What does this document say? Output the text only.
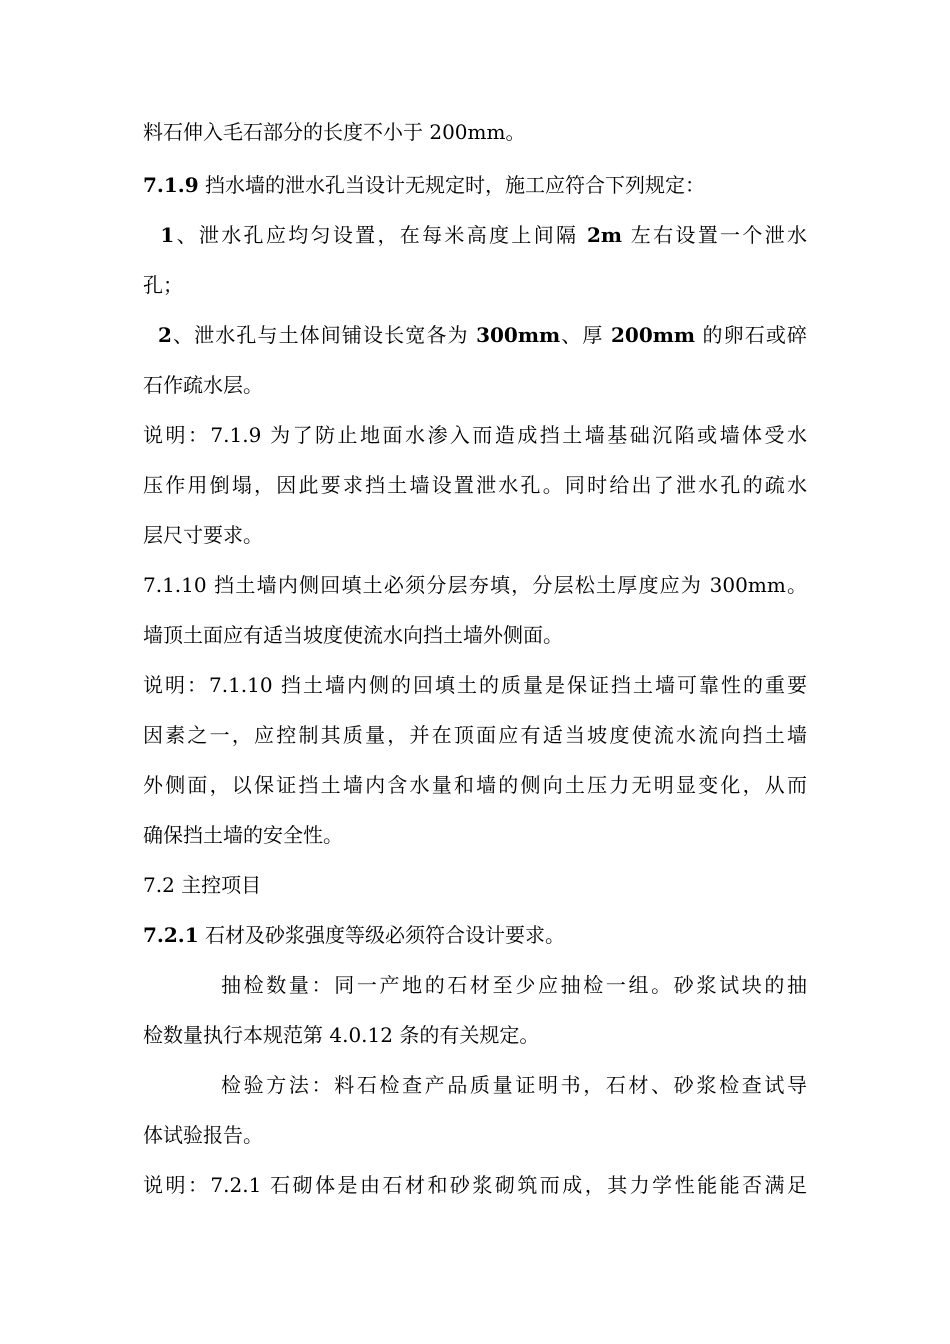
料石伸入毛石部分的长度不小于 200mm。
7.1.9 挡水墙的泄水孔当设计无规定时，施工应符合下列规定：
1、泄水孔应均匀设置，在每米高度上间隔 2m 左右设置一个泄水
孔；
2、泄水孔与土体间铺设长宽各为 300mm、厚 200mm 的卵石或碎
石作疏水层。
说明：7.1.9 为了防止地面水渗入而造成挡土墙基础沉陷或墙体受水
压作用倒塌，因此要求挡土墙设置泄水孔。同时给出了泄水孔的疏水
层尺寸要求。
7.1.10 挡土墙内侧回填土必须分层夯填，分层松土厚度应为 300mm。
墙顶土面应有适当坡度使流水向挡土墙外侧面。
说明：7.1.10 挡土墙内侧的回填土的质量是保证挡土墙可靠性的重要
因素之一，应控制其质量，并在顶面应有适当坡度使流水流向挡土墙
外侧面，以保证挡土墙内含水量和墙的侧向土压力无明显变化，从而
确保挡土墙的安全性。
7.2 主控项目
7.2.1 石材及砂浆强度等级必须符合设计要求。
抽检数量：同一产地的石材至少应抽检一组。砂浆试块的抽
检数量执行本规范第 4.0.12 条的有关规定。
检验方法：料石检查产品质量证明书，石材、砂浆检查试导
体试验报告。
说明：7.2.1 石砌体是由石材和砂浆砌筑而成，其力学性能能否满足
